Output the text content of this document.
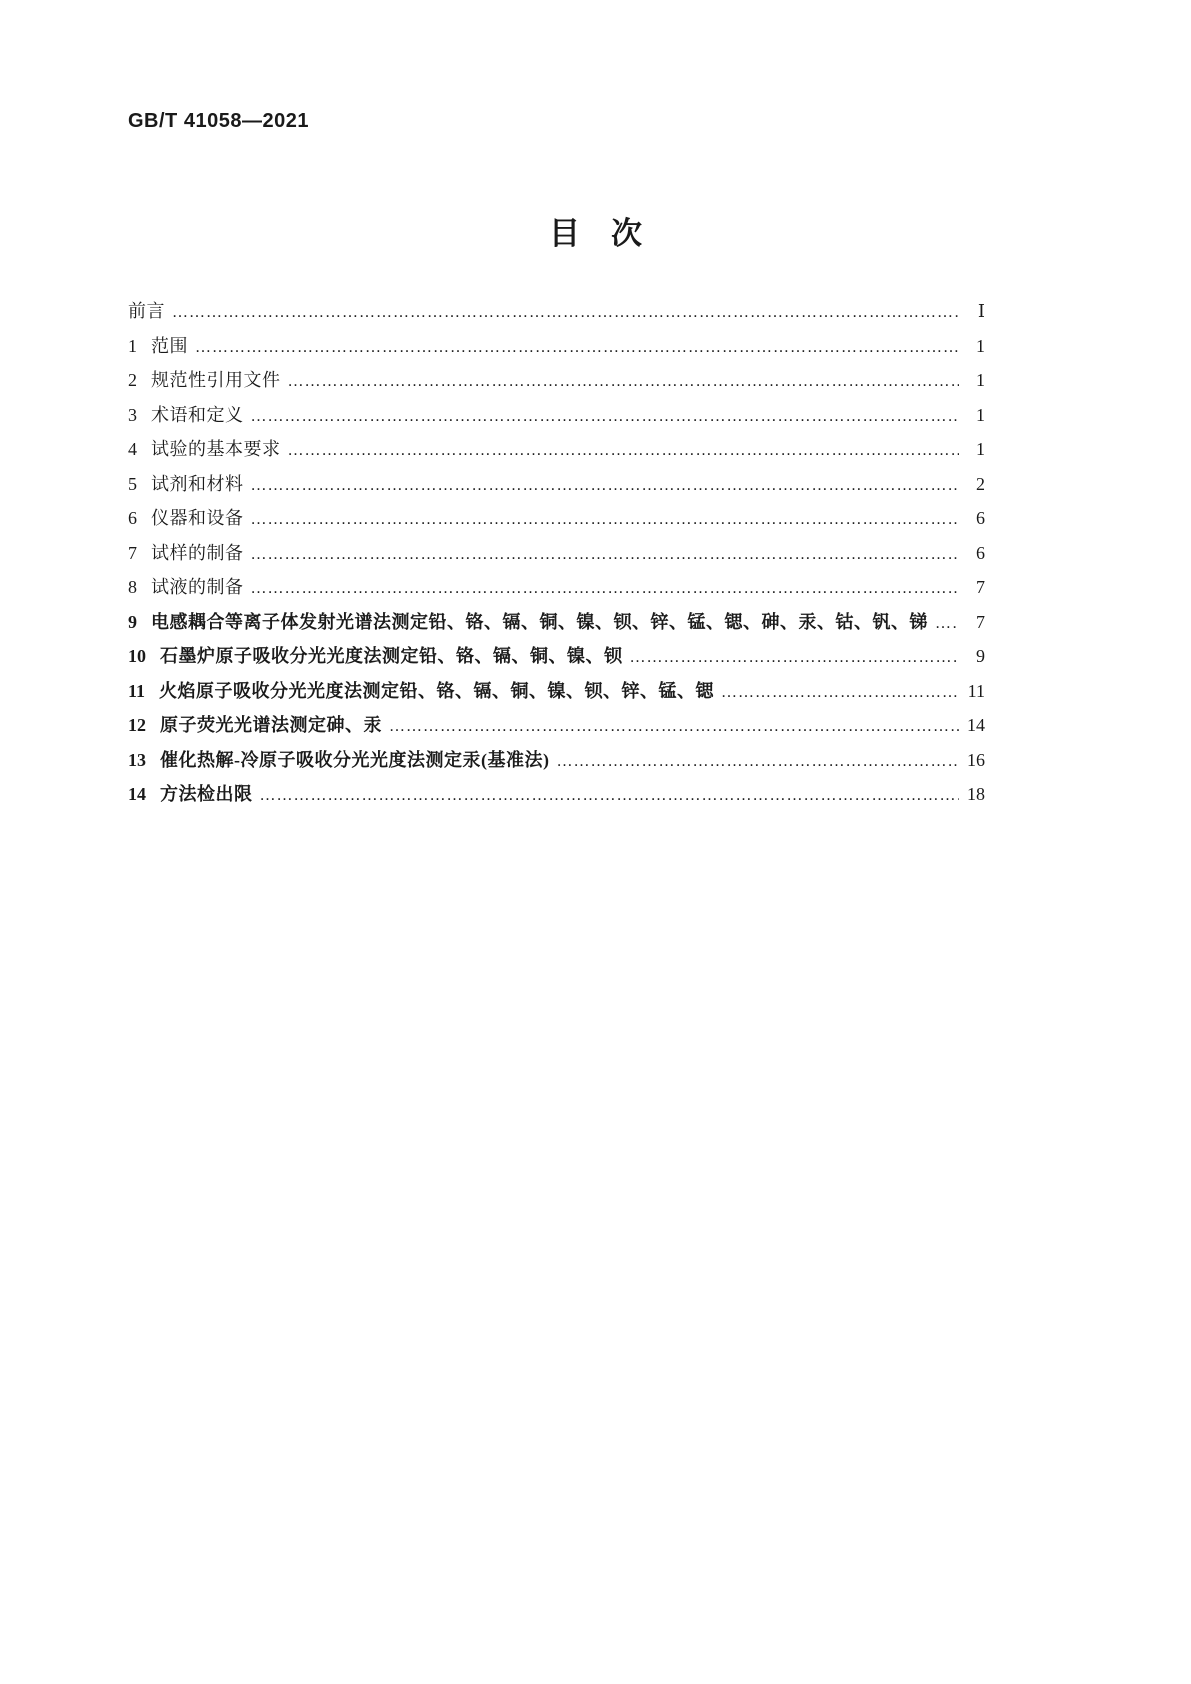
GB/T 41058—2021
目　次
前言 ……………………………………………………………………………………………………………………………………………………………………………………………………………………………………	Ⅰ
1 范围 ……………………………………………………………………………………………………………………………………………………………………………………………………………………………………	1
2 规范性引用文件 ……………………………………………………………………………………………………………………………………………………………………………………………………………………………………	1
3 术语和定义 ……………………………………………………………………………………………………………………………………………………………………………………………………………………………………	1
4 试验的基本要求 ……………………………………………………………………………………………………………………………………………………………………………………………………………………………………	1
5 试剂和材料 ……………………………………………………………………………………………………………………………………………………………………………………………………………………………………	2
6 仪器和设备 ……………………………………………………………………………………………………………………………………………………………………………………………………………………………………	6
7 试样的制备 ……………………………………………………………………………………………………………………………………………………………………………………………………………………………………	6
8 试液的制备 ……………………………………………………………………………………………………………………………………………………………………………………………………………………………………	7
9 电感耦合等离子体发射光谱法测定铅、铬、镉、铜、镍、钡、锌、锰、锶、砷、汞、钴、钒、锑 ……………………………………………………………………………………………………………………………………………………………………………………………………………………………………	7
10 石墨炉原子吸收分光光度法测定铅、铬、镉、铜、镍、钡 ……………………………………………………………………………………………………………………………………………………………………………………………………………………………………	9
11 火焰原子吸收分光光度法测定铅、铬、镉、铜、镍、钡、锌、锰、锶 ……………………………………………………………………………………………………………………………………………………………………………………………………………………………………	11
12 原子荧光光谱法测定砷、汞 ……………………………………………………………………………………………………………………………………………………………………………………………………………………………………	14
13 催化热解-冷原子吸收分光光度法测定汞(基准法) ……………………………………………………………………………………………………………………………………………………………………………………………………………………………………	16
14 方法检出限 ……………………………………………………………………………………………………………………………………………………………………………………………………………………………………	18
